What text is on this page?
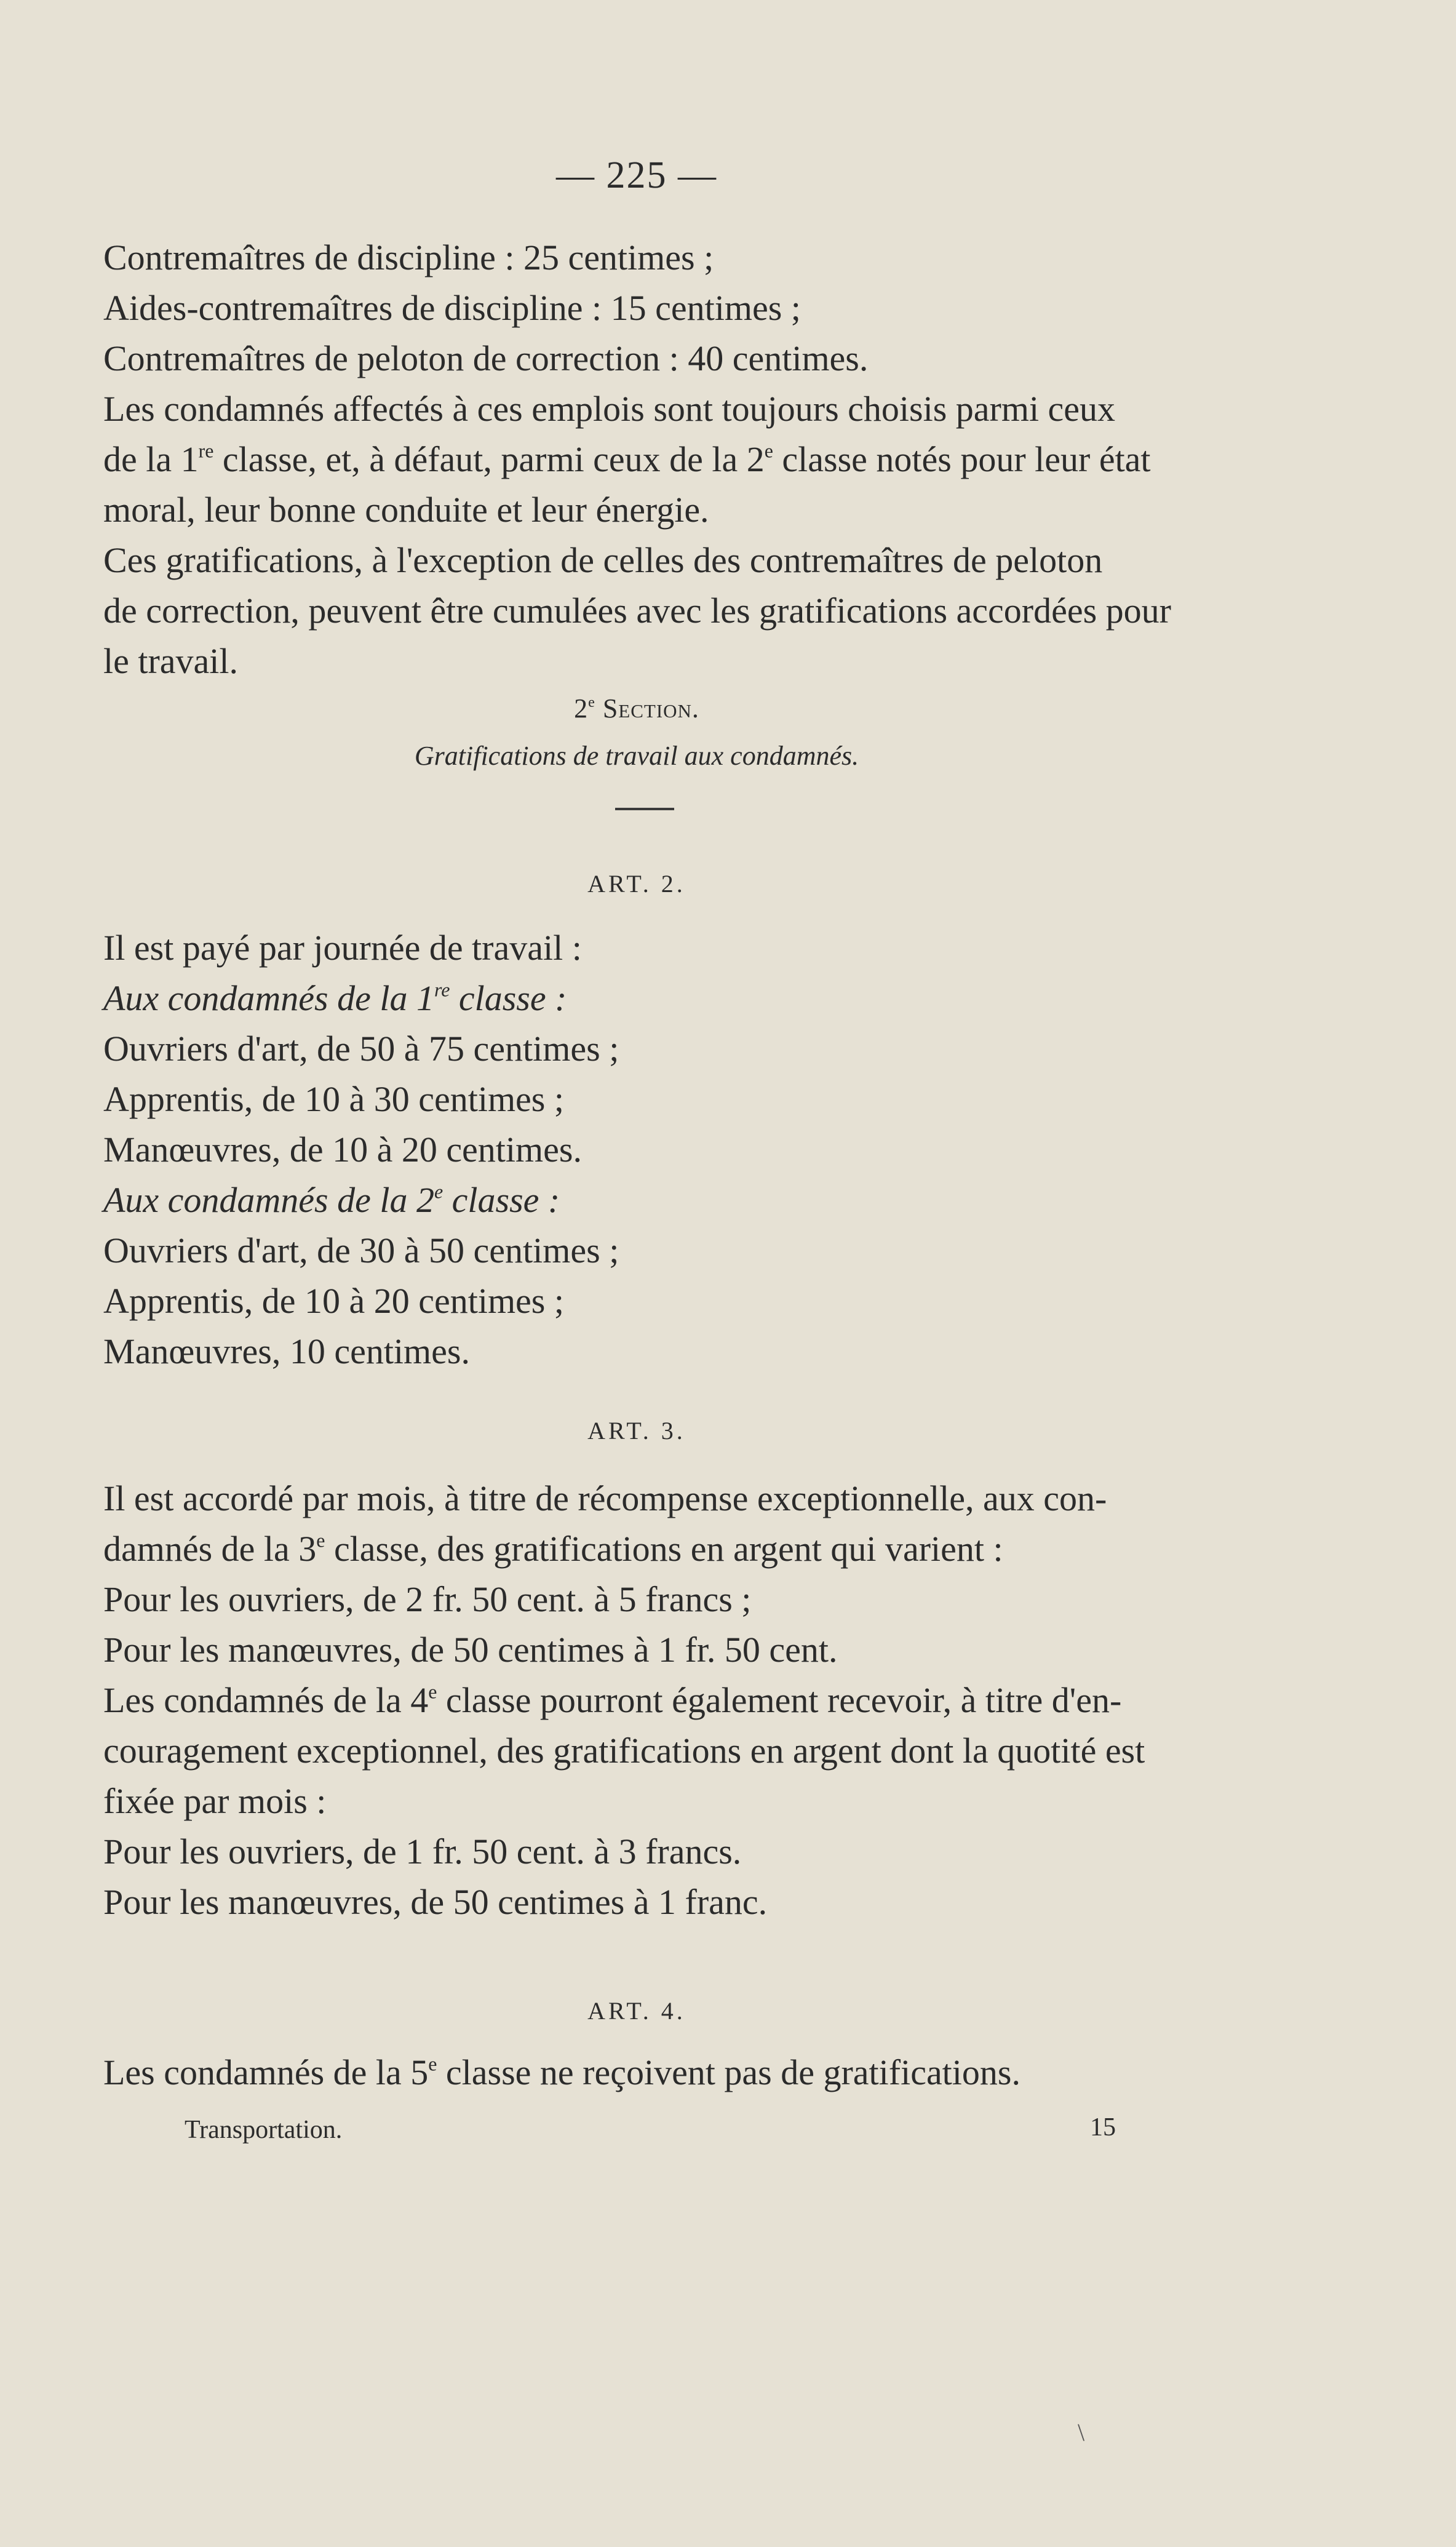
— 225 —
Contremaîtres de discipline : 25 centimes ;
Aides-contremaîtres de discipline : 15 centimes ;
Contremaîtres de peloton de correction : 40 centimes.
Les condamnés affectés à ces emplois sont toujours choisis parmi ceux
de la 1re classe, et, à défaut, parmi ceux de la 2e classe notés pour leur état
moral, leur bonne conduite et leur énergie.
Ces gratifications, à l'exception de celles des contremaîtres de peloton
de correction, peuvent être cumulées avec les gratifications accordées pour
le travail.
2e Section.
Gratifications de travail aux condamnés.
ART. 2.
Il est payé par journée de travail :
Aux condamnés de la 1re classe :
Ouvriers d'art, de 50 à 75 centimes ;
Apprentis, de 10 à 30 centimes ;
Manœuvres, de 10 à 20 centimes.
Aux condamnés de la 2e classe :
Ouvriers d'art, de 30 à 50 centimes ;
Apprentis, de 10 à 20 centimes ;
Manœuvres, 10 centimes.
ART. 3.
Il est accordé par mois, à titre de récompense exceptionnelle, aux con-
damnés de la 3e classe, des gratifications en argent qui varient :
Pour les ouvriers, de 2 fr. 50 cent. à 5 francs ;
Pour les manœuvres, de 50 centimes à 1 fr. 50 cent.
Les condamnés de la 4e classe pourront également recevoir, à titre d'en-
couragement exceptionnel, des gratifications en argent dont la quotité est
fixée par mois :
Pour les ouvriers, de 1 fr. 50 cent. à 3 francs.
Pour les manœuvres, de 50 centimes à 1 franc.
ART. 4.
Les condamnés de la 5e classe ne reçoivent pas de gratifications.
Transportation.	15
\
